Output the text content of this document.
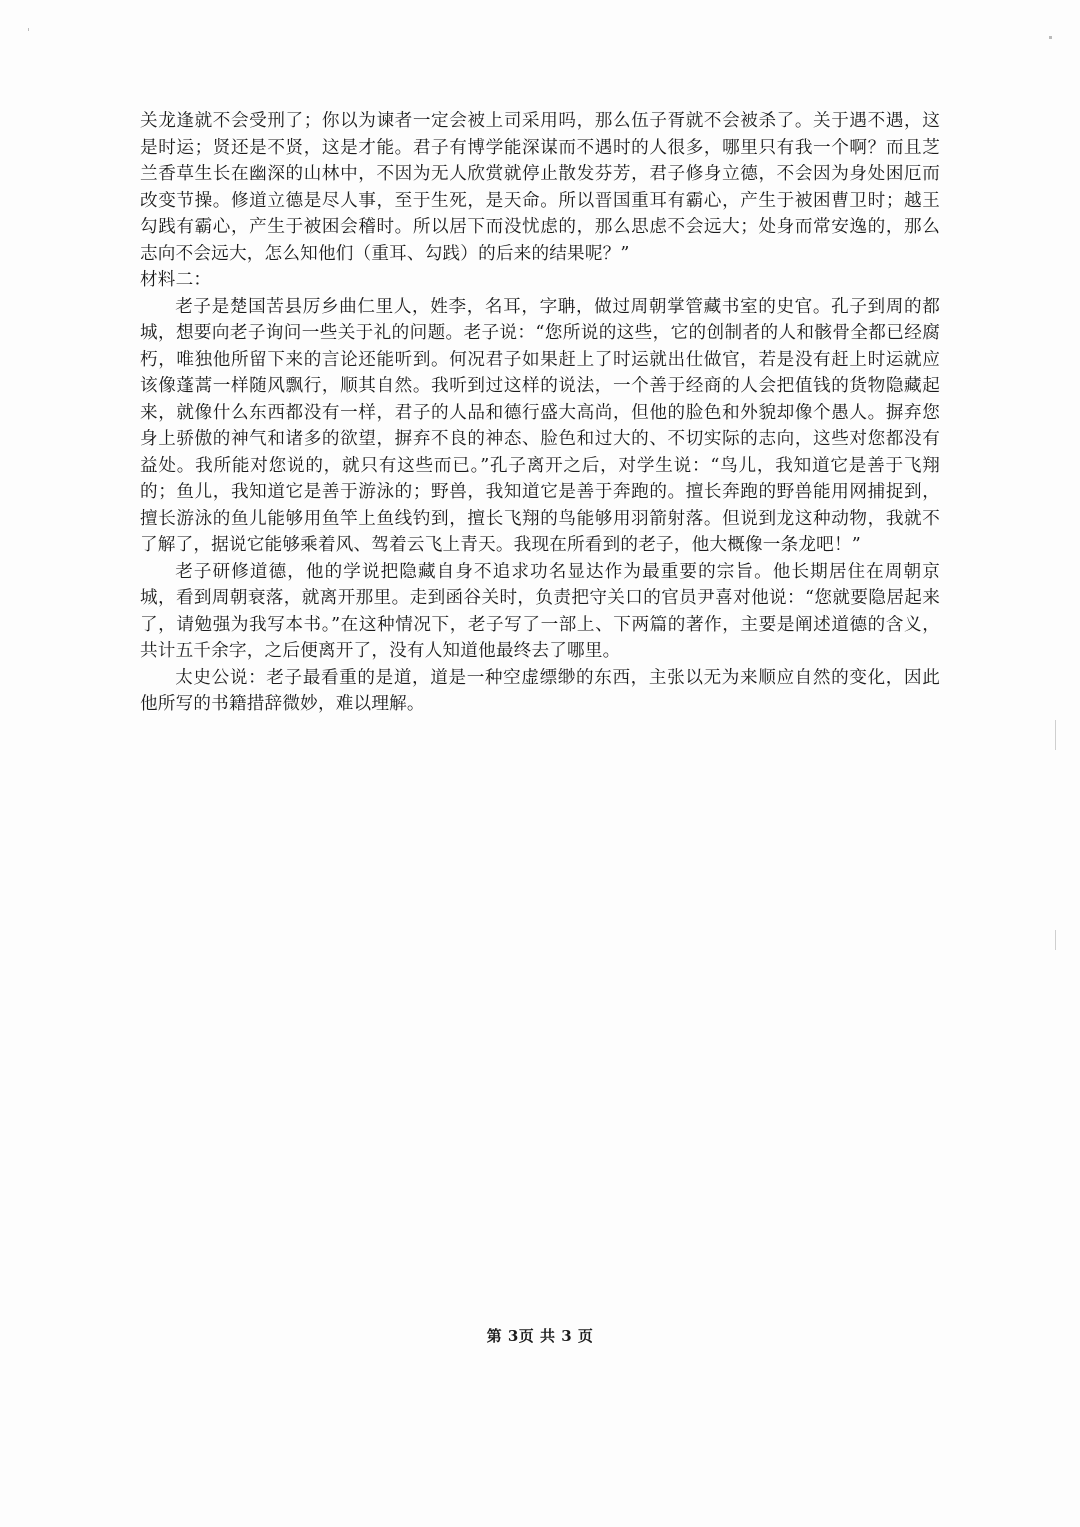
关龙逢就不会受刑了；你以为谏者一定会被上司采用吗，那么伍子胥就不会被杀了。关于遇不遇，这是时运；贤还是不贤，这是才能。君子有博学能深谋而不遇时的人很多，哪里只有我一个啊？而且芝兰香草生长在幽深的山林中，不因为无人欣赏就停止散发芬芳，君子修身立德，不会因为身处困厄而改变节操。修道立德是尽人事，至于生死，是天命。所以晋国重耳有霸心，产生于被困曹卫时；越王勾践有霸心，产生于被困会稽时。所以居下而没忧虑的，那么思虑不会远大；处身而常安逸的，那么志向不会远大，怎么知他们（重耳、勾践）的后来的结果呢？”

材料二：

老子是楚国苦县厉乡曲仁里人，姓李，名耳，字聃，做过周朝掌管藏书室的史官。孔子到周的都城，想要向老子询问一些关于礼的问题。老子说：“您所说的这些，它的创制者的人和骸骨全都已经腐朽，唯独他所留下来的言论还能听到。何况君子如果赶上了时运就出仕做官，若是没有赶上时运就应该像蓬蒿一样随风飘行，顺其自然。我听到过这样的说法，一个善于经商的人会把值钱的货物隐藏起来，就像什么东西都没有一样，君子的人品和德行盛大高尚，但他的脸色和外貌却像个愚人。摒弃您身上骄傲的神气和诸多的欲望，摒弃不良的神态、脸色和过大的、不切实际的志向，这些对您都没有益处。我所能对您说的，就只有这些而已。”孔子离开之后，对学生说：“鸟儿，我知道它是善于飞翔的；鱼儿，我知道它是善于游泳的；野兽，我知道它是善于奔跑的。擅长奔跑的野兽能用网捕捉到，擅长游泳的鱼儿能够用鱼竿上鱼线钓到，擅长飞翔的鸟能够用羽箭射落。但说到龙这种动物，我就不了解了，据说它能够乘着风、驾着云飞上青天。我现在所看到的老子，他大概像一条龙吧！”

老子研修道德，他的学说把隐藏自身不追求功名显达作为最重要的宗旨。他长期居住在周朝京城，看到周朝衰落，就离开那里。走到函谷关时，负责把守关口的官员尹喜对他说：“您就要隐居起来了，请勉强为我写本书。”在这种情况下，老子写了一部上、下两篇的著作，主要是阐述道德的含义，共计五千余字，之后便离开了，没有人知道他最终去了哪里。

太史公说：老子最看重的是道，道是一种空虚缥缈的东西，主张以无为来顺应自然的变化，因此他所写的书籍措辞微妙，难以理解。

第 3页 共 3 页
